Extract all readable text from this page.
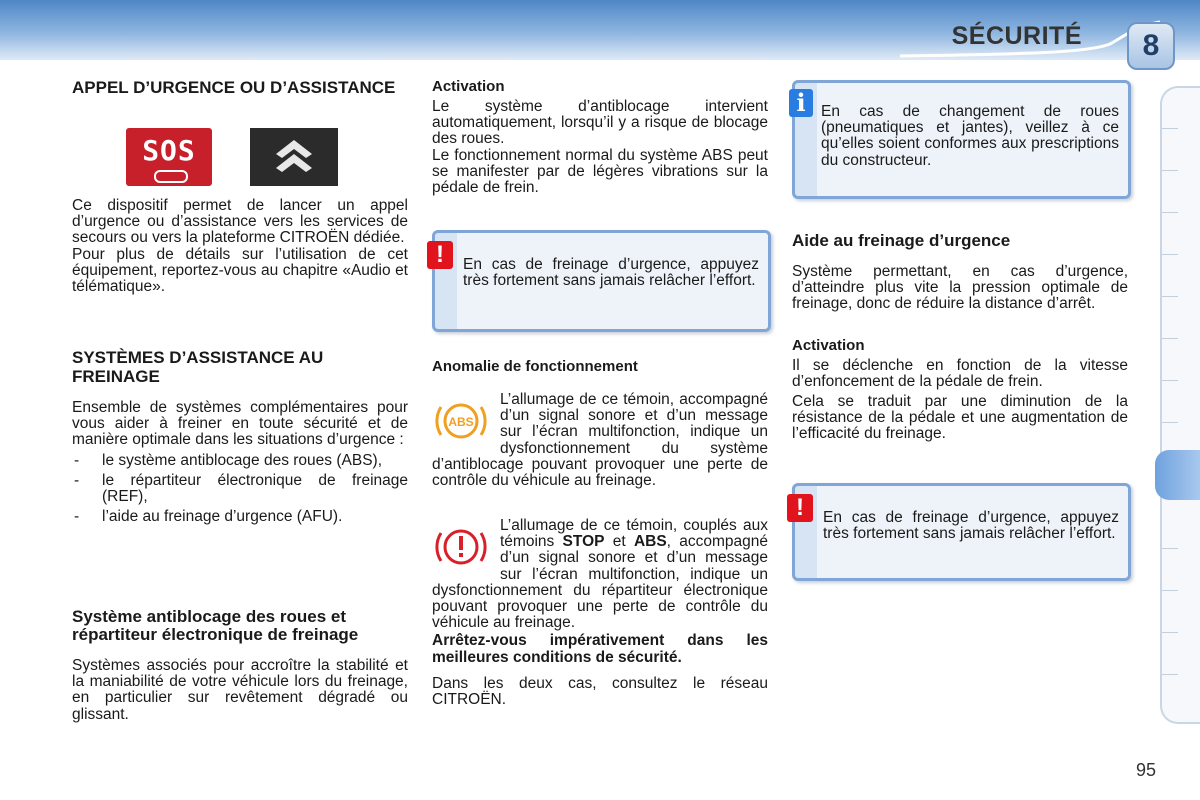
SÉCURITÉ	8
APPEL D’URGENCE OU D’ASSISTANCE
SOS

Ce dispositif permet de lancer un appel d’urgence ou d’assistance vers les services de secours ou vers la plateforme CITROËN dédiée.

Pour plus de détails sur l’utilisation de cet équipement, reportez-vous au chapitre «Audio et télématique».

SYSTÈMES D’ASSISTANCE AU FREINAGE

Ensemble de systèmes complémentaires pour vous aider à freiner en toute sécurité et de manière optimale dans les situations d’urgence :

- le système antiblocage des roues (ABS),
- le répartiteur électronique de freinage (REF),
- l’aide au freinage d’urgence (AFU).
Système antiblocage des roues et répartiteur électronique de freinage

Systèmes associés pour accroître la stabilité et la maniabilité de votre véhicule lors du freinage, en particulier sur revêtement dégradé ou glissant.

Activation

Le système d’antiblocage intervient automatiquement, lorsqu’il y a risque de blocage des roues.

Le fonctionnement normal du système ABS peut se manifester par de légères vibrations sur la pédale de frein.

!	En cas de freinage d’urgence, appuyez très fortement sans jamais relâcher l’effort.
Anomalie de fonctionnement
ABS

L’allumage de ce témoin, accompagné d’un signal sonore et d’un message sur l’écran multifonction, indique un dysfonctionnement du système d’antiblocage pouvant provoquer une perte de contrôle du véhicule au freinage.

L’allumage de ce témoin, couplés aux témoins STOP et ABS, accompagné d’un signal sonore et d’un message sur l’écran multifonction, indique un dysfonctionnement du répartiteur électronique pouvant provoquer une perte de contrôle du véhicule au freinage.

Arrêtez-vous impérativement dans les meilleures conditions de sécurité.

Dans les deux cas, consultez le réseau CITROËN.

i En cas de changement de roues (pneumatiques et jantes), veillez à ce qu’elles soient conformes aux prescriptions du constructeur.
Aide au freinage d’urgence

Système permettant, en cas d’urgence, d’atteindre plus vite la pression optimale de freinage, donc de réduire la distance d’arrêt.

Activation

Il se déclenche en fonction de la vitesse d’enfoncement de la pédale de frein.

Cela se traduit par une diminution de la résistance de la pédale et une augmentation de l’efficacité du freinage.

!	En cas de freinage d’urgence, appuyez très fortement sans jamais relâcher l’effort.
95
